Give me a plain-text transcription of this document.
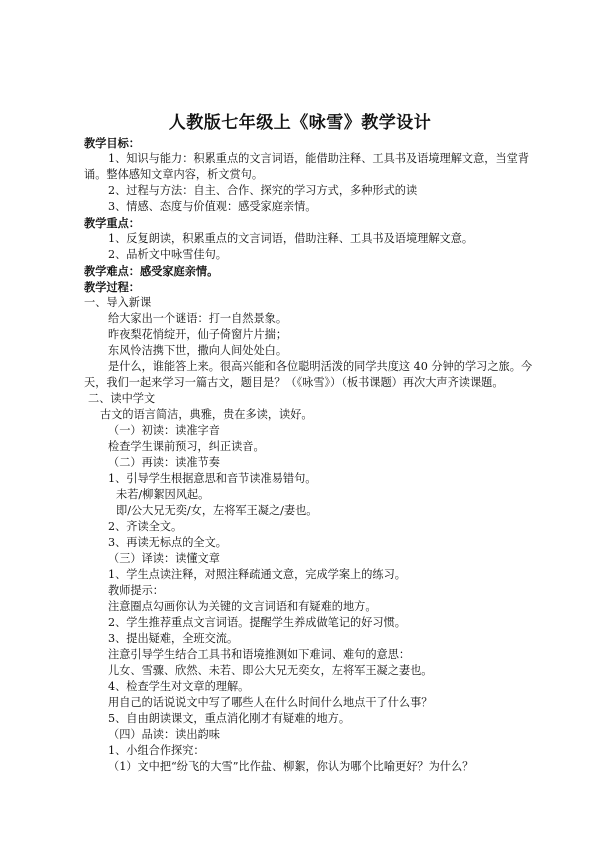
人教版七年级上《咏雪》教学设计
教学目标：
1、知识与能力：积累重点的文言词语，能借助注释、工具书及语境理解文意，当堂背
诵。整体感知文章内容，析文赏句。
2、过程与方法：自主、合作、探究的学习方式，多种形式的读
3、情感、态度与价值观：感受家庭亲情。
教学重点：
1、反复朗读，积累重点的文言词语，借助注释、工具书及语境理解文意。
2、品析文中咏雪佳句。
教学难点：感受家庭亲情。
教学过程：
一、导入新课
给大家出一个谜语：打一自然景象。
昨夜梨花悄绽开，仙子倚窗片片揣；
东风怜洁携下世，撒向人间处处白。
是什么，谁能答上来。很高兴能和各位聪明活泼的同学共度这 40 分钟的学习之旅。今
天，我们一起来学习一篇古文，题目是？（《咏雪》）（板书课题）再次大声齐读课题。
二、读中学文
古文的语言简洁，典雅，贵在多读，读好。
（一）初读：读准字音
检查学生课前预习，纠正读音。
（二）再读：读准节奏
1、引导学生根据意思和音节读准易错句。
未若/柳絮因风起。
即/公大兄无奕/女，左将军王凝之/妻也。
2、齐读全文。
3、再读无标点的全文。
（三）译读：读懂文章
1、学生点读注释，对照注释疏通文意，完成学案上的练习。
教师提示：
注意圈点勾画你认为关键的文言词语和有疑难的地方。
2、学生推荐重点文言词语。提醒学生养成做笔记的好习惯。
3、提出疑难，全班交流。
注意引导学生结合工具书和语境推测如下难词、难句的意思：
儿女、雪骤、欣然、未若、即公大兄无奕女，左将军王凝之妻也。
4、检查学生对文章的理解。
用自己的话说说文中写了哪些人在什么时间什么地点干了什么事？
5、自由朗读课文，重点消化刚才有疑难的地方。
（四）品读：读出韵味
1、小组合作探究：
（1）文中把“纷飞的大雪”比作盐、柳絮，你认为哪个比喻更好？为什么？
